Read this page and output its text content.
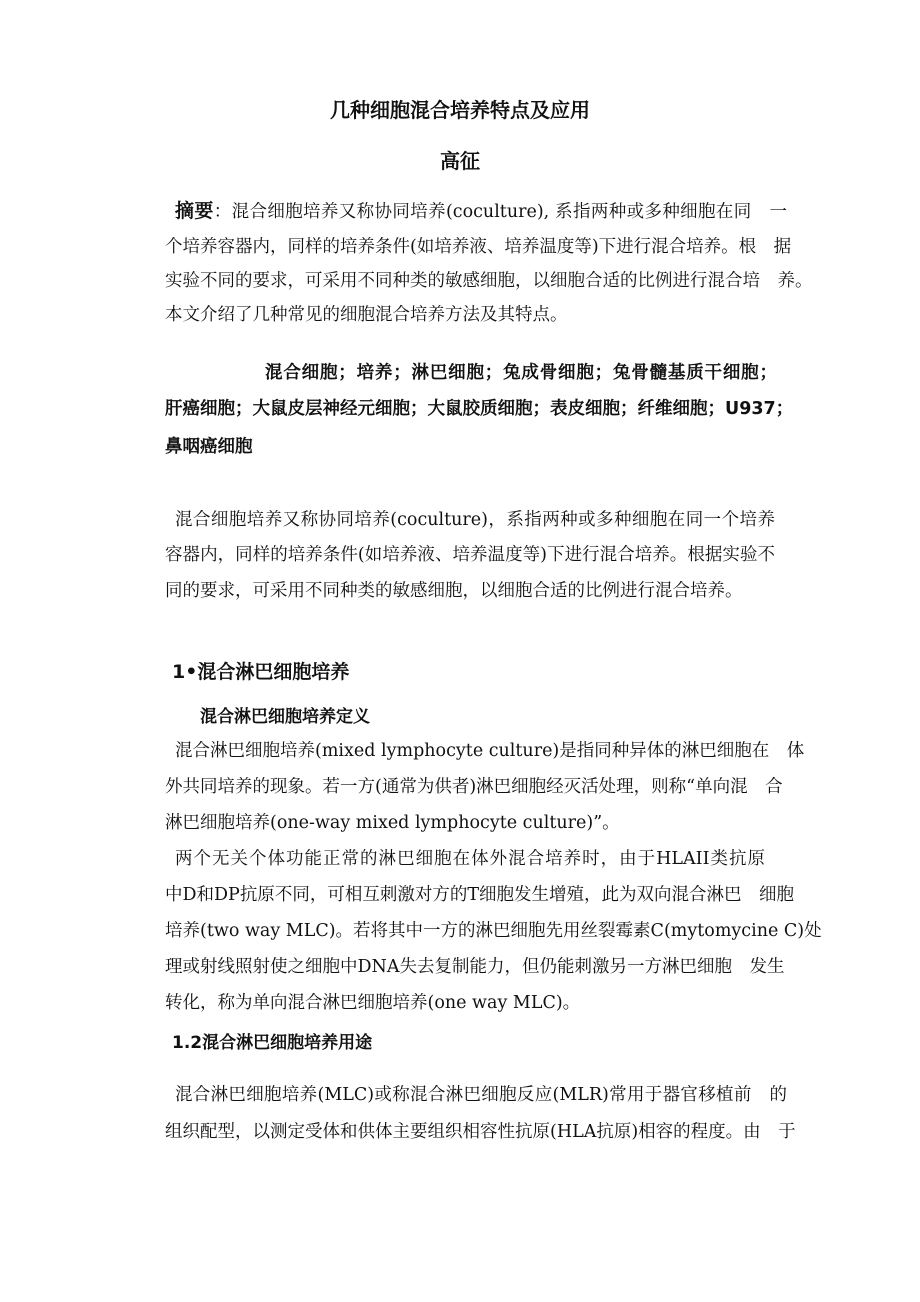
几种细胞混合培养特点及应用
高征
摘要：混合细胞培养又称协同培养(coculture), 系指两种或多种细胞在同　一
个培养容器内，同样的培养条件(如培养液、培养温度等)下进行混合培养。根　据
实验不同的要求，可采用不同种类的敏感细胞，以细胞合适的比例进行混合培　养。
本文介绍了几种常见的细胞混合培养方法及其特点。
混合细胞；培养；淋巴细胞；兔成骨细胞；兔骨髓基质干细胞；
肝癌细胞；大鼠皮层神经元细胞；大鼠胶质细胞；表皮细胞；纤维细胞；U937；
鼻咽癌细胞
混合细胞培养又称协同培养(coculture)，系指两种或多种细胞在同一个培养
容器内，同样的培养条件(如培养液、培养温度等)下进行混合培养。根据实验不
同的要求，可采用不同种类的敏感细胞，以细胞合适的比例进行混合培养。
1•混合淋巴细胞培养
混合淋巴细胞培养定义
混合淋巴细胞培养(mixed lymphocyte culture)是指同种异体的淋巴细胞在　体
外共同培养的现象。若一方(通常为供者)淋巴细胞经灭活处理，则称“单向混　合
淋巴细胞培养(one-way mixed lymphocyte culture)”。
两个无关个体功能正常的淋巴细胞在体外混合培养时，由于HLAII类抗原
中D和DP抗原不同，可相互刺激对方的T细胞发生增殖，此为双向混合淋巴　细胞
培养(two way MLC)。若将其中一方的淋巴细胞先用丝裂霉素C(mytomycine C)处
理或射线照射使之细胞中DNA失去复制能力，但仍能刺激另一方淋巴细胞　发生
转化，称为单向混合淋巴细胞培养(one way MLC)。
1.2混合淋巴细胞培养用途
混合淋巴细胞培养(MLC)或称混合淋巴细胞反应(MLR)常用于器官移植前　的
组织配型，以测定受体和供体主要组织相容性抗原(HLA抗原)相容的程度。由　于
